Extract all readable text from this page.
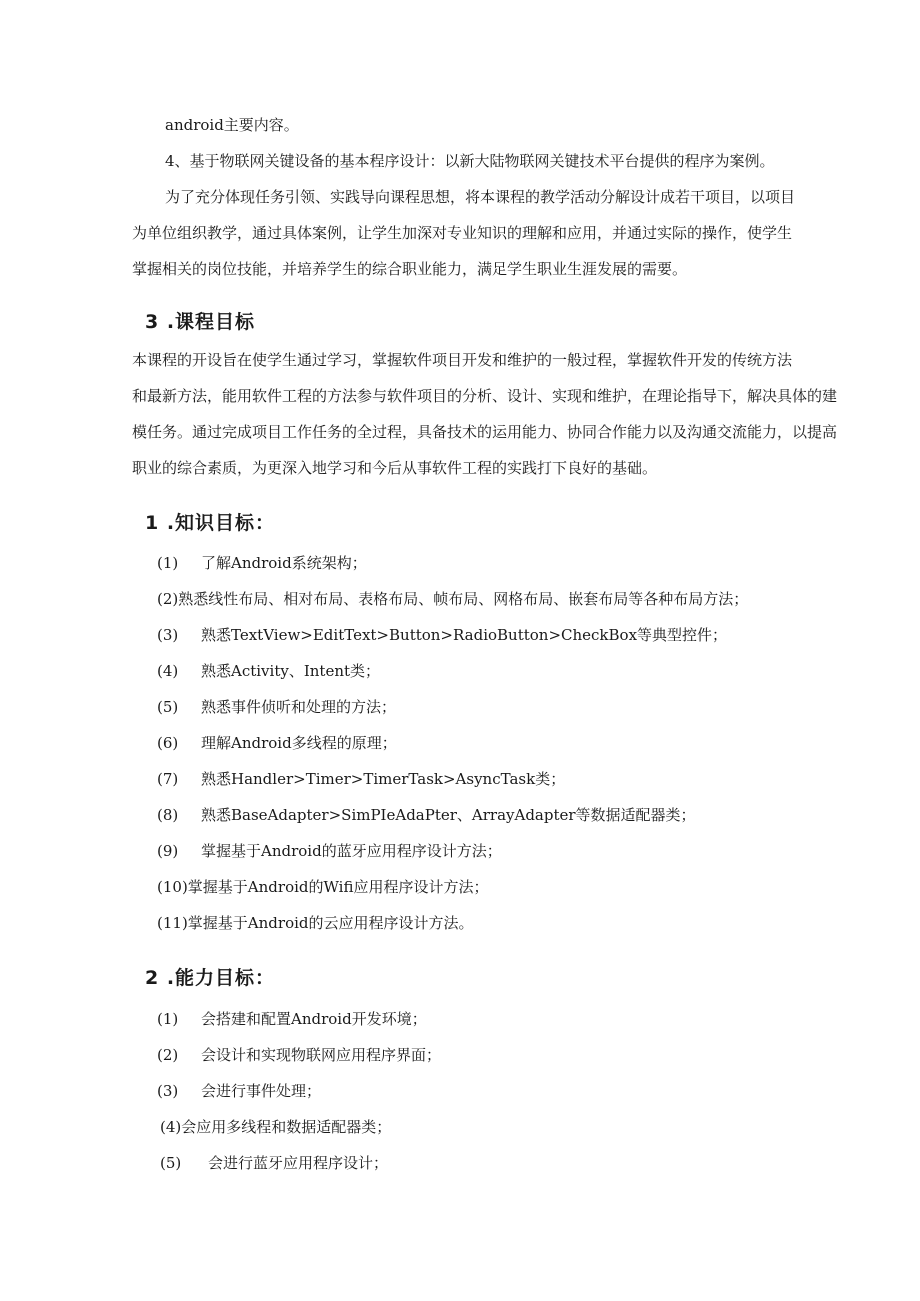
android主要内容。
4、基于物联网关键设备的基本程序设计：以新大陆物联网关键技术平台提供的程序为案例。
为了充分体现任务引领、实践导向课程思想，将本课程的教学活动分解设计成若干项目，以项目
为单位组织教学，通过具体案例，让学生加深对专业知识的理解和应用，并通过实际的操作，使学生
掌握相关的岗位技能，并培养学生的综合职业能力，满足学生职业生涯发展的需要。
3 .课程目标
本课程的开设旨在使学生通过学习，掌握软件项目开发和维护的一般过程，掌握软件开发的传统方法
和最新方法，能用软件工程的方法参与软件项目的分析、设计、实现和维护，在理论指导下，解决具体的建
模任务。通过完成项目工作任务的全过程，具备技术的运用能力、协同合作能力以及沟通交流能力，以提高
职业的综合素质，为更深入地学习和今后从事软件工程的实践打下良好的基础。
1 .知识目标：
(1) 了解Android系统架构；
(2)熟悉线性布局、相对布局、表格布局、帧布局、网格布局、嵌套布局等各种布局方法；
(3) 熟悉TextView>EditText>Button>RadioButton>CheckBox等典型控件；
(4) 熟悉Activity、Intent类；
(5) 熟悉事件侦听和处理的方法；
(6) 理解Android多线程的原理；
(7) 熟悉Handler>Timer>TimerTask>AsyncTask类；
(8) 熟悉BaseAdapter>SimPIeAdaPter、ArrayAdapter等数据适配器类；
(9) 掌握基于Android的蓝牙应用程序设计方法；
(10)掌握基于Android的Wifi应用程序设计方法；
(11)掌握基于Android的云应用程序设计方法。
2 .能力目标：
(1) 会搭建和配置Android开发环境；
(2) 会设计和实现物联网应用程序界面；
(3) 会进行事件处理；
(4)会应用多线程和数据适配器类；
(5) 会进行蓝牙应用程序设计；
